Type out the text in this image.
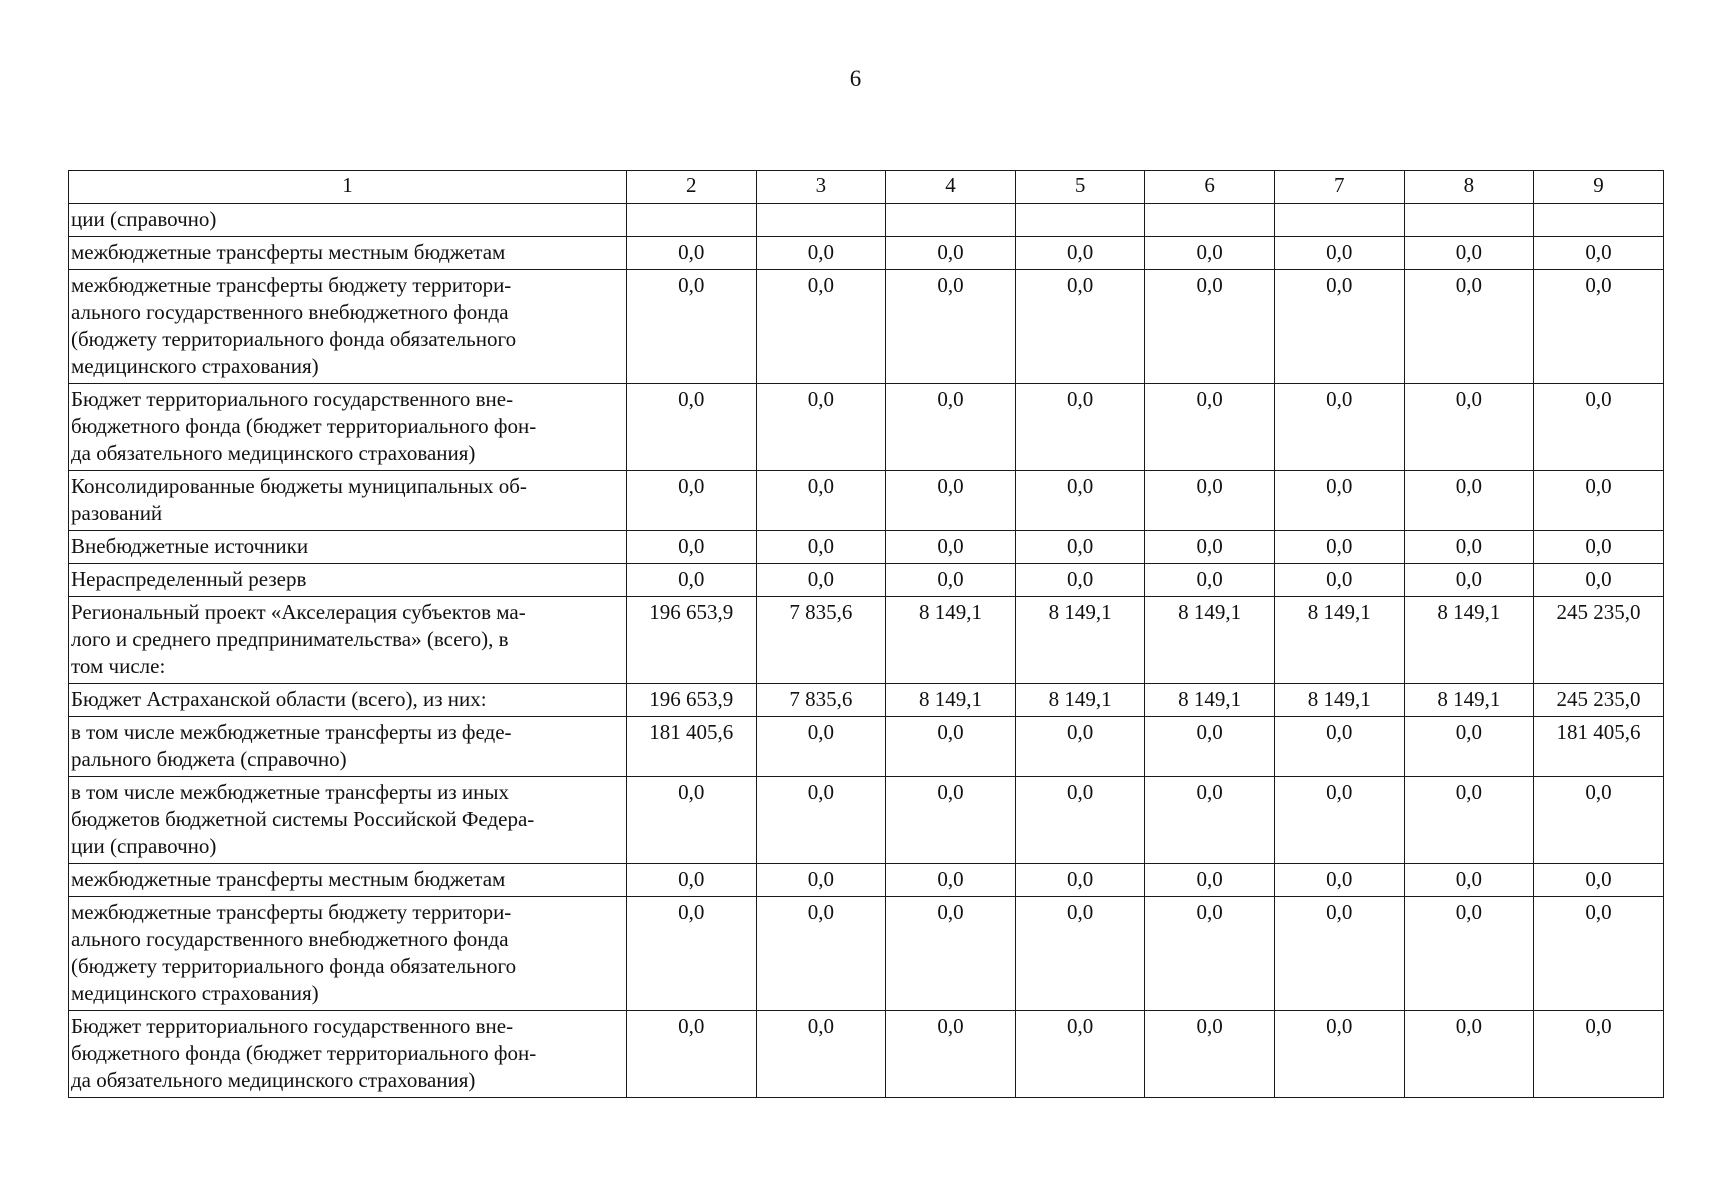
6
1	2	3	4	5	6	7	8	9
ции (справочно)								
межбюджетные трансферты местным бюджетам	0,0	0,0	0,0	0,0	0,0	0,0	0,0	0,0
межбюджетные трансферты бюджету территори-
ального государственного внебюджетного фонда
(бюджету территориального фонда обязательного
медицинского страхования)	0,0	0,0	0,0	0,0	0,0	0,0	0,0	0,0
Бюджет территориального государственного вне-
бюджетного фонда (бюджет территориального фон-
да обязательного медицинского страхования)	0,0	0,0	0,0	0,0	0,0	0,0	0,0	0,0
Консолидированные бюджеты муниципальных об-
разований	0,0	0,0	0,0	0,0	0,0	0,0	0,0	0,0
Внебюджетные источники	0,0	0,0	0,0	0,0	0,0	0,0	0,0	0,0
Нераспределенный резерв	0,0	0,0	0,0	0,0	0,0	0,0	0,0	0,0
Региональный проект «Акселерация субъектов ма-
лого и среднего предпринимательства» (всего), в
том числе:	196 653,9	7 835,6	8 149,1	8 149,1	8 149,1	8 149,1	8 149,1	245 235,0
Бюджет Астраханской области (всего), из них:	196 653,9	7 835,6	8 149,1	8 149,1	8 149,1	8 149,1	8 149,1	245 235,0
в том числе межбюджетные трансферты из феде-
рального бюджета (справочно)	181 405,6	0,0	0,0	0,0	0,0	0,0	0,0	181 405,6
в том числе межбюджетные трансферты из иных
бюджетов бюджетной системы Российской Федера-
ции (справочно)	0,0	0,0	0,0	0,0	0,0	0,0	0,0	0,0
межбюджетные трансферты местным бюджетам	0,0	0,0	0,0	0,0	0,0	0,0	0,0	0,0
межбюджетные трансферты бюджету территори-
ального государственного внебюджетного фонда
(бюджету территориального фонда обязательного
медицинского страхования)	0,0	0,0	0,0	0,0	0,0	0,0	0,0	0,0
Бюджет территориального государственного вне-
бюджетного фонда (бюджет территориального фон-
да обязательного медицинского страхования)	0,0	0,0	0,0	0,0	0,0	0,0	0,0	0,0
